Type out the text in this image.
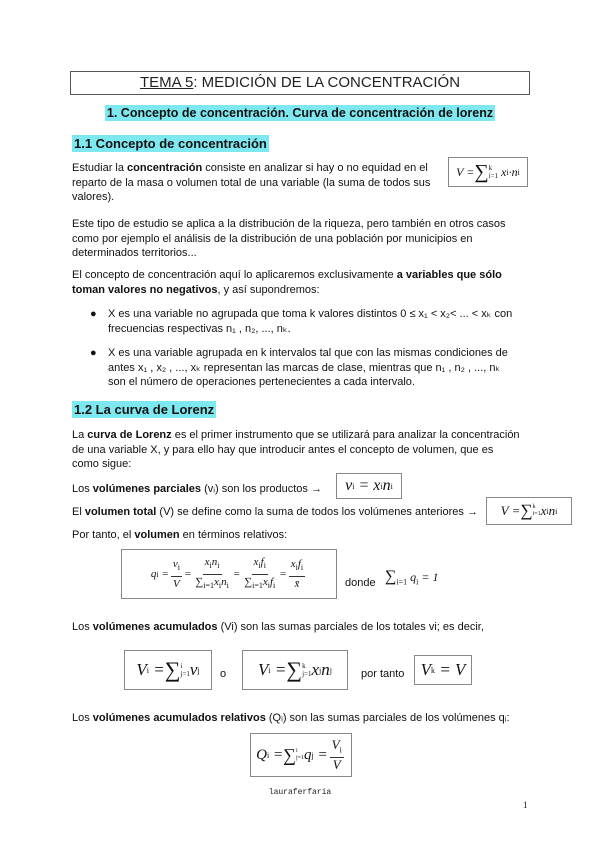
TEMA 5: MEDICIÓN DE LA CONCENTRACIÓN
1. Concepto de concentración. Curva de concentración de lorenz
1.1 Concepto de concentración

Estudiar la concentración consiste en analizar si hay o no equidad en el reparto de la masa o volumen total de una variable (la suma de todos sus valores).

V = ∑ k
i=1 x i ·n i

Este tipo de estudio se aplica a la distribución de la riqueza, pero también en otros casos como por ejemplo el análisis de la distribución de una población por municipios en determinados territorios...

El concepto de concentración aquí lo aplicaremos exclusivamente a variables que sólo toman valores no negativos, y así supondremos:

● X es una variable no agrupada que toma k valores distintos 0 ≤ x₁ < x₂< ... < xₖ con frecuencias respectivas n₁ , n₂, ..., nₖ.

● X es una variable agrupada en k intervalos tal que con las mismas condiciones de antes x₁ , x₂ , ..., xₖ representan las marcas de clase, mientras que n₁ , n₂ , ..., nₖ son el número de operaciones pertenecientes a cada intervalo.

1.2 La curva de Lorenz

La curva de Lorenz es el primer instrumento que se utilizará para analizar la concentración de una variable X, y para ello hay que introducir antes el concepto de volumen, que es como sigue:

Los volúmenes parciales (vᵢ) son los productos →	v i = x i n i

El volumen total (V) se define como la suma de todos los volúmenes anteriores →	V = ∑ k
i=1 x i n i

Por tanto, el volumen en términos relativos:

q $i = \frac{v_i}{V} = \frac{x_in_i}{\sum_{i=1}x_in_i} = \frac{x_if_i}{\sum_{i=1}x_if_i} = \frac{x_if_i}{x̄}$	donde $\sum_{i=1}$ $q_i = 1$

Los volúmenes acumulados (Vi) son las sumas parciales de los totales vi; es decir,

V i = ∑ i
j=1 v j o	V i = ∑ k
j=1 x j n j	por tanto V k = V

Los volúmenes acumulados relativos (Qᵢ) son las sumas parciales de los volúmenes qᵢ:

Q i = ∑ i
j=1 q $j = \frac{V_i}{V}$
lauraferfaria
1
